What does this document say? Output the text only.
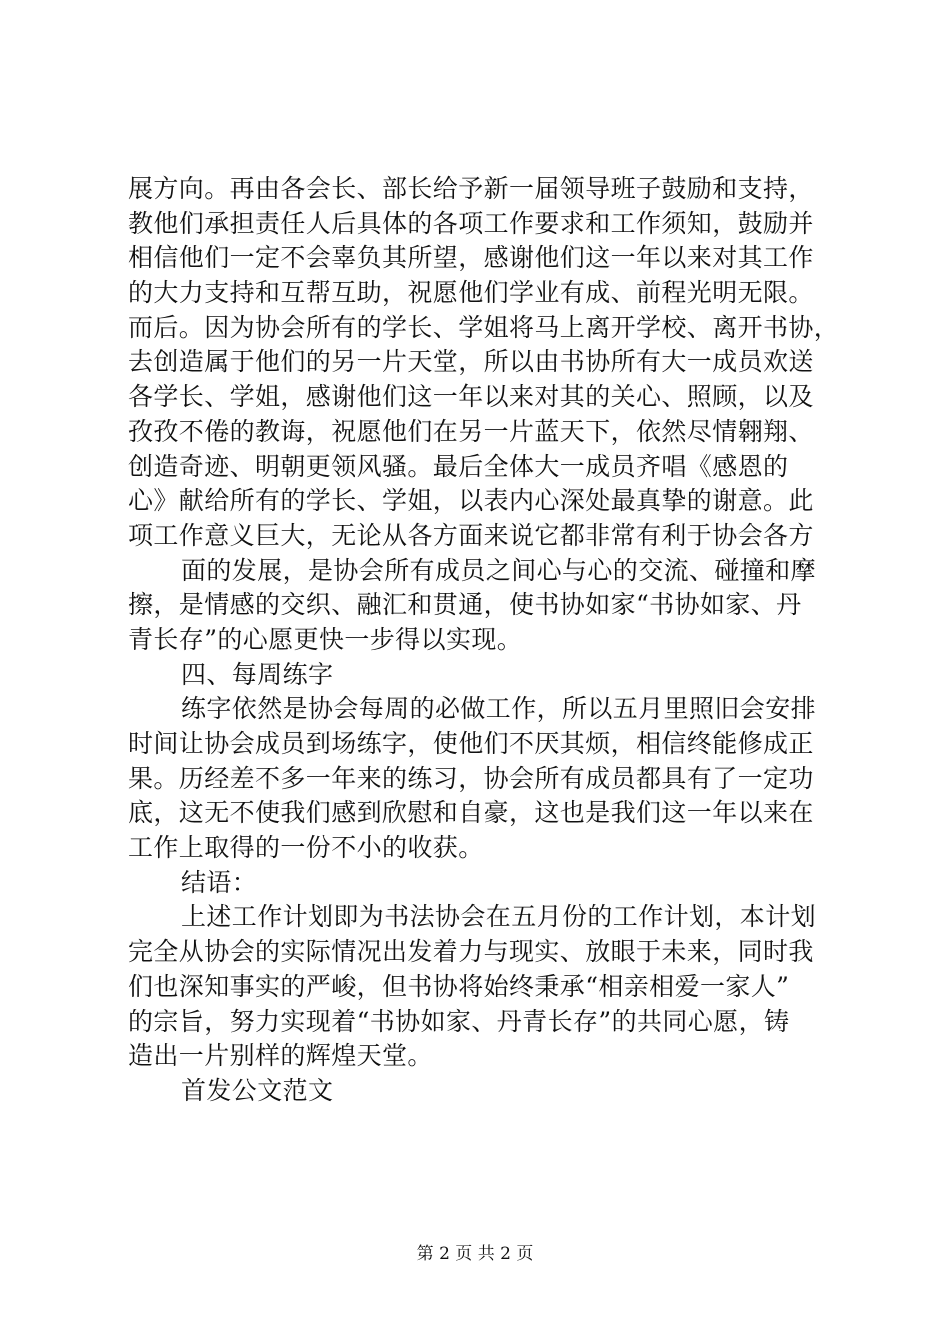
展方向。再由各会长、部长给予新一届领导班子鼓励和支持，
教他们承担责任人后具体的各项工作要求和工作须知，鼓励并
相信他们一定不会辜负其所望，感谢他们这一年以来对其工作
的大力支持和互帮互助，祝愿他们学业有成、前程光明无限。
而后。因为协会所有的学长、学姐将马上离开学校、离开书协，
去创造属于他们的另一片天堂，所以由书协所有大一成员欢送
各学长、学姐，感谢他们这一年以来对其的关心、照顾，以及
孜孜不倦的教诲，祝愿他们在另一片蓝天下，依然尽情翱翔、
创造奇迹、明朝更领风骚。最后全体大一成员齐唱《感恩的
心》献给所有的学长、学姐，以表内心深处最真挚的谢意。此
项工作意义巨大，无论从各方面来说它都非常有利于协会各方
面的发展，是协会所有成员之间心与心的交流、碰撞和摩
擦，是情感的交织、融汇和贯通，使书协如家“书协如家、丹
青长存”的心愿更快一步得以实现。
四、每周练字
练字依然是协会每周的必做工作，所以五月里照旧会安排
时间让协会成员到场练字，使他们不厌其烦，相信终能修成正
果。历经差不多一年来的练习，协会所有成员都具有了一定功
底，这无不使我们感到欣慰和自豪，这也是我们这一年以来在
工作上取得的一份不小的收获。
结语：
上述工作计划即为书法协会在五月份的工作计划，本计划
完全从协会的实际情况出发着力与现实、放眼于未来，同时我
们也深知事实的严峻，但书协将始终秉承“相亲相爱一家人”
的宗旨，努力实现着“书协如家、丹青长存”的共同心愿，铸
造出一片别样的辉煌天堂。
首发公文范文
第 2 页 共 2 页
